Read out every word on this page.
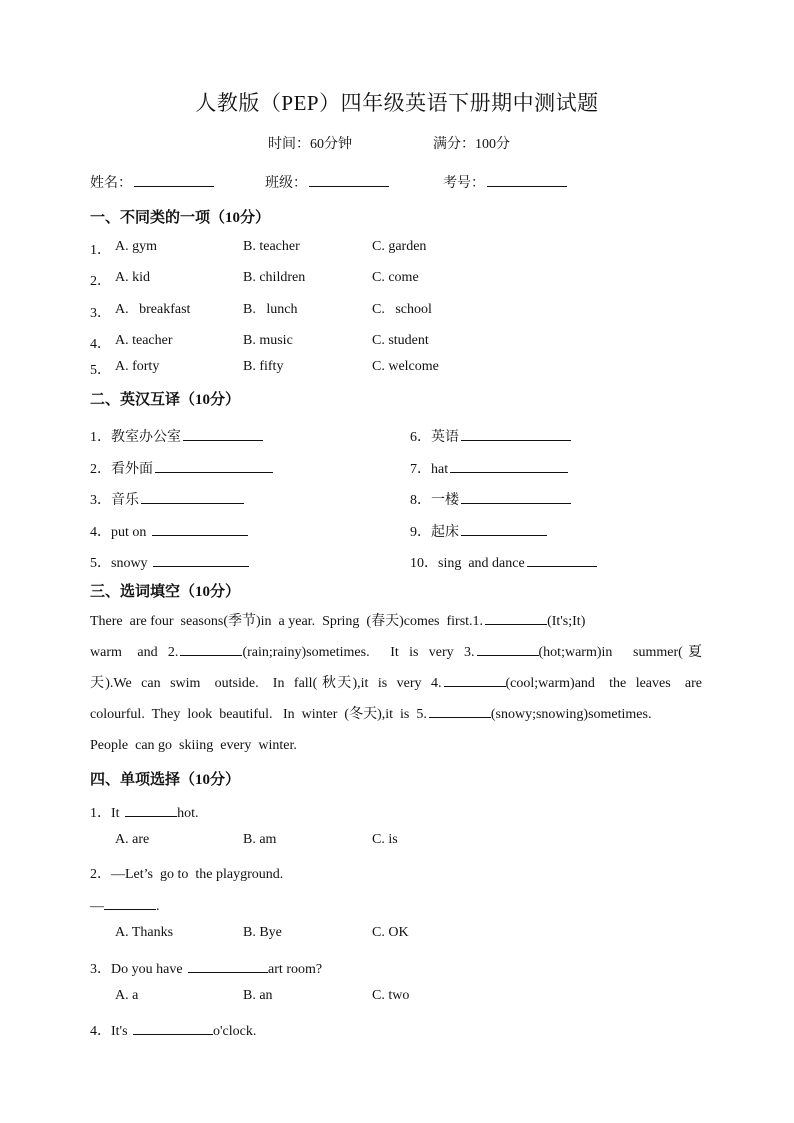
人教版（PEP）四年级英语下册期中测试题
时间：60分钟	满分：100分
姓名：	班级：	考号：
一、不同类的一项（10分）
1． A. gym	B. teacher	C. garden
2． A. kid	B. children	C. come
3． A.   breakfast	B.   lunch	C.   school
4． A. teacher	B. music	C. student
5． A. forty	B. fifty	C. welcome
二、英汉互译（10分）
1．教室办公室
2．看外面
3．音乐
4．put on
5．snowy
6．英语
7．hat
8．一楼
9．起床
10．sing  and dance
三、选词填空（10分）

There  are four  seasons(季节)in  a year.  Spring  (春天)comes  first.1.	(It's;It)

warm   and  2.	(rain;rainy)sometimes.    It  is  very  3.	(hot;warm)in    summer( 夏天).We  can  swim   outside.   In  fall( 秋天),it  is  very  4.	(cool;warm)and   the  leaves   are colourful.  They  look  beautiful.   In  winter  (冬天),it  is  5.	(snowy;snowing)sometimes.

People  can go  skiing  every  winter.

四、单项选择（10分）
1．It	hot.
A. are	B. am	C. is
2．—Let’s  go to  the playground.
—	.
A. Thanks	B. Bye	C. OK
3．Do you have	art room?
A. a	B. an	C. two
4．It's	o'clock.
